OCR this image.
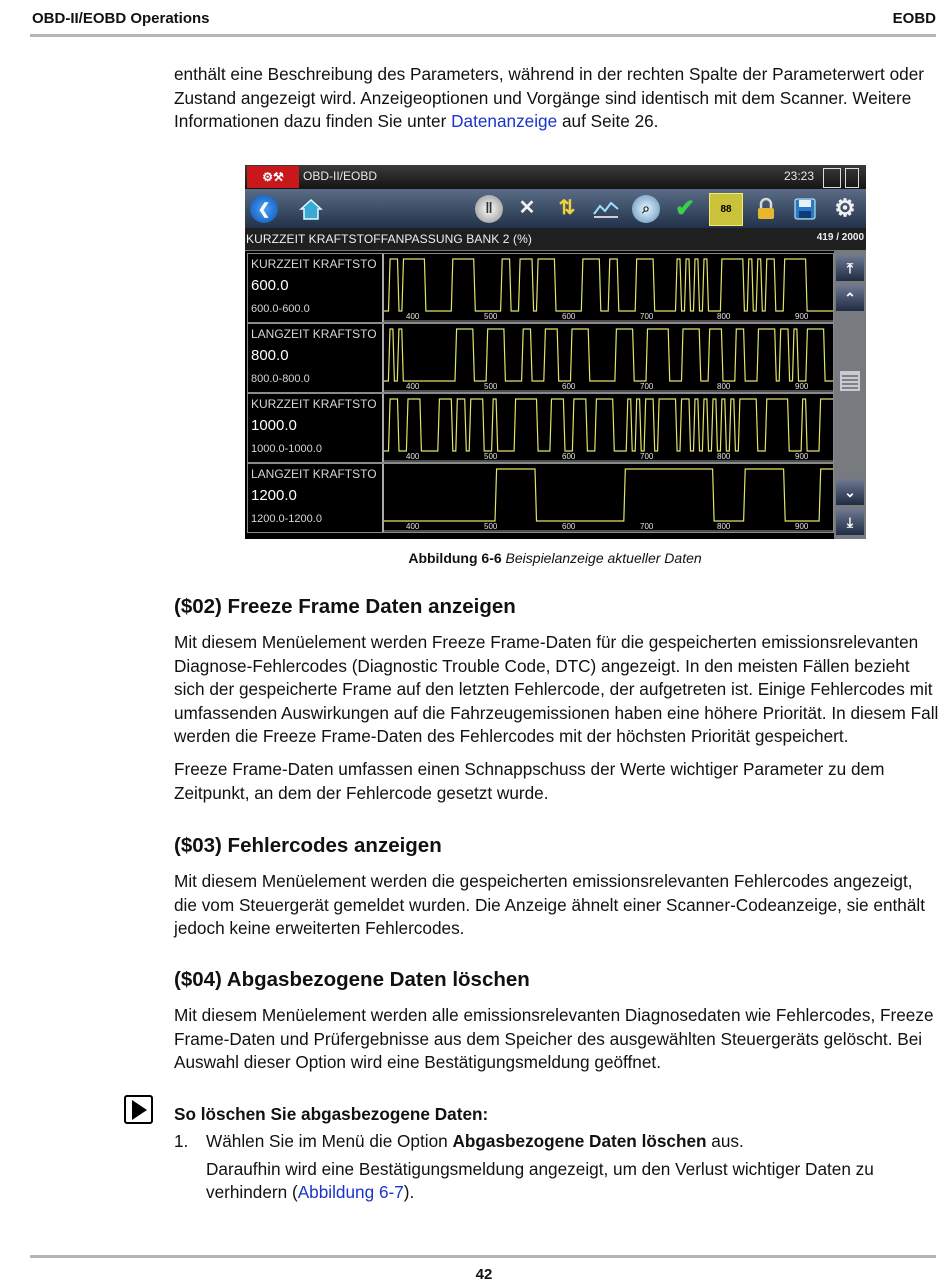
OBD-II/EOBD Operations	EOBD

enthält eine Beschreibung des Parameters, während in der rechten Spalte der Parameterwert oder Zustand angezeigt wird. Anzeigeoptionen und Vorgänge sind identisch mit dem Scanner. Weitere Informationen dazu finden Sie unter Datenanzeige auf Seite 26.

⚙⚒	OBD-II/EOBD	23:23
❮	‖	✕ ⇅	⌕	✔	88	⚙
KURZZEIT KRAFTSTOFFANPASSUNG BANK 2 (%)	419 / 2000
KURZZEIT KRAFTSTO
600.0
600.0-600.0
400	500	600	700	800	900
LANGZEIT KRAFTSTO
800.0
800.0-800.0
400	500	600	700	800	900
KURZZEIT KRAFTSTO
1000.0
1000.0-1000.0
400	500	600	700	800	900
LANGZEIT KRAFTSTO
1200.0
1200.0-1200.0
400	500	600	700	800	900
⤒
⌃
⌄
⤓
Abbildung 6-6 Beispielanzeige aktueller Daten
($02) Freeze Frame Daten anzeigen

Mit diesem Menüelement werden Freeze Frame-Daten für die gespeicherten emissionsrelevanten Diagnose-Fehlercodes (Diagnostic Trouble Code, DTC) angezeigt. In den meisten Fällen bezieht sich der gespeicherte Frame auf den letzten Fehlercode, der aufgetreten ist. Einige Fehlercodes mit umfassenden Auswirkungen auf die Fahrzeugemissionen haben eine höhere Priorität. In diesem Fall werden die Freeze Frame-Daten des Fehlercodes mit der höchsten Priorität gespeichert.

Freeze Frame-Daten umfassen einen Schnappschuss der Werte wichtiger Parameter zu dem Zeitpunkt, an dem der Fehlercode gesetzt wurde.

($03) Fehlercodes anzeigen

Mit diesem Menüelement werden die gespeicherten emissionsrelevanten Fehlercodes angezeigt, die vom Steuergerät gemeldet wurden. Die Anzeige ähnelt einer Scanner-Codeanzeige, sie enthält jedoch keine erweiterten Fehlercodes.

($04) Abgasbezogene Daten löschen

Mit diesem Menüelement werden alle emissionsrelevanten Diagnosedaten wie Fehlercodes, Freeze Frame-Daten und Prüfergebnisse aus dem Speicher des ausgewählten Steuergeräts gelöscht. Bei Auswahl dieser Option wird eine Bestätigungsmeldung geöffnet.

So löschen Sie abgasbezogene Daten:
1. Wählen Sie im Menü die Option Abgasbezogene Daten löschen aus.

Daraufhin wird eine Bestätigungsmeldung angezeigt, um den Verlust wichtiger Daten zu verhindern (Abbildung 6-7).

42
